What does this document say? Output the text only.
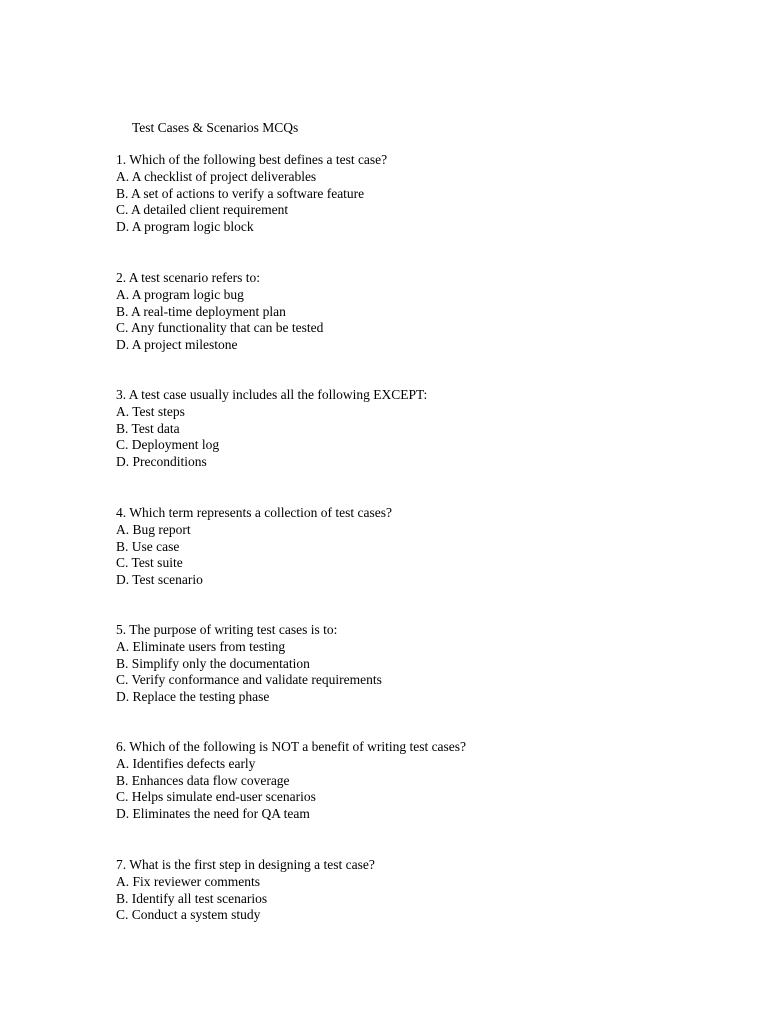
Test Cases & Scenarios MCQs
1. Which of the following best defines a test case?
A. A checklist of project deliverables
B. A set of actions to verify a software feature
C. A detailed client requirement
D. A program logic block
2. A test scenario refers to:
A. A program logic bug
B. A real-time deployment plan
C. Any functionality that can be tested
D. A project milestone
3. A test case usually includes all the following EXCEPT:
A. Test steps
B. Test data
C. Deployment log
D. Preconditions
4. Which term represents a collection of test cases?
A. Bug report
B. Use case
C. Test suite
D. Test scenario
5. The purpose of writing test cases is to:
A. Eliminate users from testing
B. Simplify only the documentation
C. Verify conformance and validate requirements
D. Replace the testing phase
6. Which of the following is NOT a benefit of writing test cases?
A. Identifies defects early
B. Enhances data flow coverage
C. Helps simulate end-user scenarios
D. Eliminates the need for QA team
7. What is the first step in designing a test case?
A. Fix reviewer comments
B. Identify all test scenarios
C. Conduct a system study
